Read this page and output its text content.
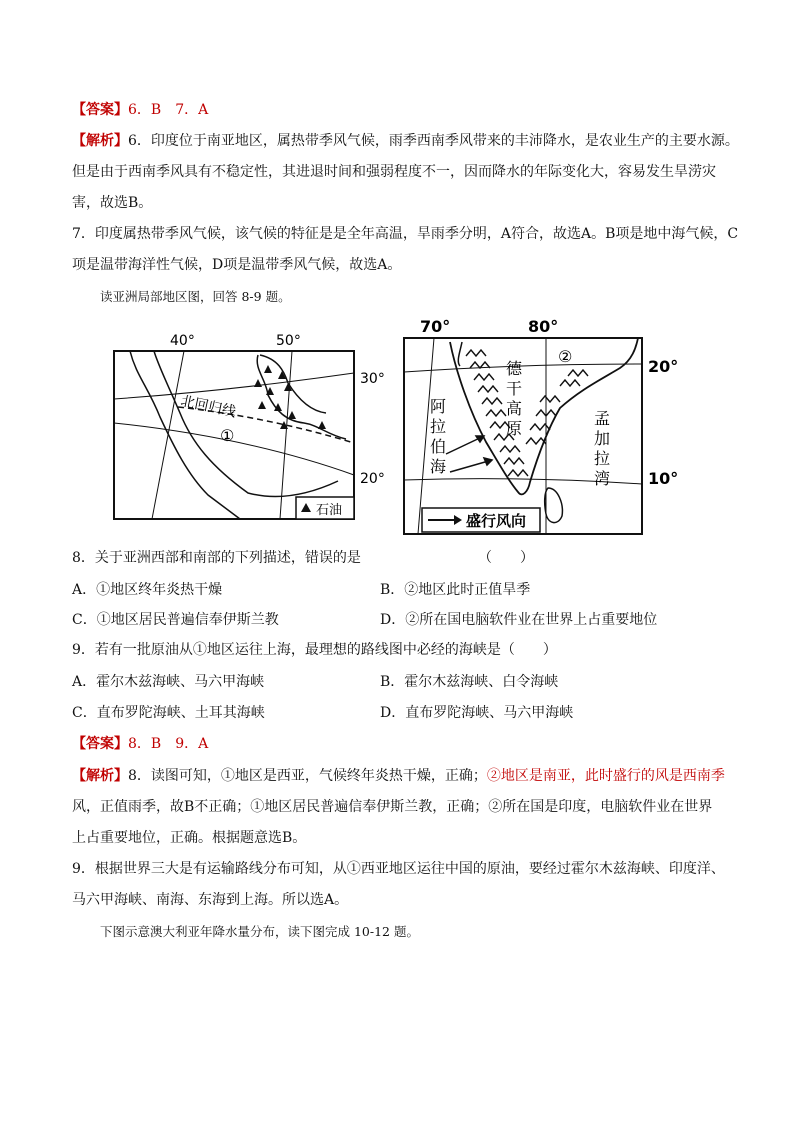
【答案】6．B　7．A
【解析】6．印度位于南亚地区，属热带季风气候，雨季西南季风带来的丰沛降水，是农业生产的主要水源。
但是由于西南季风具有不稳定性，其进退时间和强弱程度不一，因而降水的年际变化大，容易发生旱涝灾
害，故选B。
7．印度属热带季风气候，该气候的特征是是全年高温，旱雨季分明，A符合，故选A。B项是地中海气候，C
项是温带海洋性气候，D项是温带季风气候，故选A。
读亚洲局部地区图，回答 8-9 题。
40°	50°
30°
20°
北回归线
①
石油
70°	80°
20°
10°
德
干
高
原
阿
拉
伯
海
孟
加
拉
湾
②
盛行风向
8．关于亚洲西部和南部的下列描述，错误的是	（　　）
A．①地区终年炎热干燥	B．②地区此时正值旱季
C．①地区居民普遍信奉伊斯兰教	D．②所在国电脑软件业在世界上占重要地位
9．若有一批原油从①地区运往上海，最理想的路线图中必经的海峡是（　　）
A．霍尔木兹海峡、马六甲海峡	B．霍尔木兹海峡、白令海峡
C．直布罗陀海峡、土耳其海峡	D．直布罗陀海峡、马六甲海峡
【答案】8．B　9．A
【解析】8．读图可知，①地区是西亚，气候终年炎热干燥，正确；②地区是南亚，此时盛行的风是西南季
风，正值雨季，故B不正确；①地区居民普遍信奉伊斯兰教，正确；②所在国是印度，电脑软件业在世界
上占重要地位，正确。根据题意选B。
9．根据世界三大是有运输路线分布可知，从①西亚地区运往中国的原油，要经过霍尔木兹海峡、印度洋、
马六甲海峡、南海、东海到上海。所以选A。
下图示意澳大利亚年降水量分布，读下图完成 10-12 题。
